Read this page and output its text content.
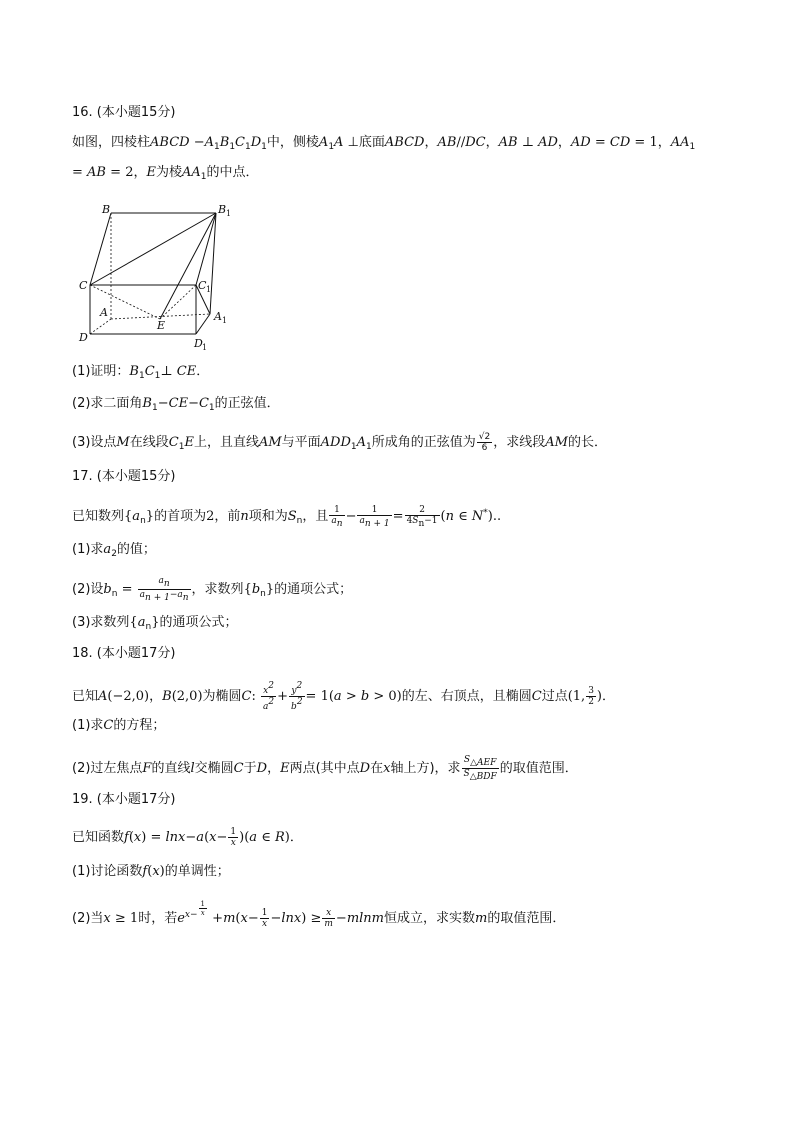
16. (本小题15分)
如图，四棱柱ABCD $-A_1B_1C_1D_1$中，侧棱$A_1A$ ⊥底面ABCD，AB//DC，AB ⊥ AD，AD = CD = 1，$AA_1$
= AB = 2，E为棱$AA_1$的中点．
B	B 1
C	C 1
A
E
A 1
D	D 1
(1)证明：$B_1C_1\perp$ CE．
(2)求二面角$B_1-CE-C_1$的正弦值．
(3)设点M在线段$C_1E$上，且直线AM与平面$ADD_1A_1$所成角的正弦值为 $\frac{√2}{6}$ ，求线段AM的长．
17. (本小题15分)
已知数列$\{a_n\}$的首项为2，前n项和为$S_n$，且 $\frac{1}{a_n} - \frac{1}{a_{n + 1}} = \frac{2}{4S_n-1} (n$ ∈ N*)..
(1)求$a_2$的值；
(2)设$b_n = \frac{a_n}{a_{n + 1}-a_n}$ ，求数列$\{b_n\}$的通项公式；
(3)求数列$\{a_n\}$的通项公式；
18. (本小题17分)
已知A(−2,0)，B(2,0)为椭圆C: $\frac{x^2}{a^2} + \frac{y^2}{b^2} = 1(a > b > 0)$的左、右顶点，且椭圆C过点(1, $\frac{3}{2}$ )．
(1)求C的方程；
(2)过左焦点F的直线l交椭圆C于D，E两点(其中点D在x轴上方)，求
$S_{\triangle AEF}$
$S_{\triangle BDF}$
的取值范围．
19. (本小题17分)
已知函数$f(x) = \ln x-a(x- \frac{1}{x} )(a$ ∈ R)．
(1)讨论函数f(x)的单调性；
(2)当x ≥ 1时，若$e^{x- \frac{1}{x}}$
$+m(x- \frac{1}{x} -\ln x) \ge \frac{x}{m} -mlnm$恒成立，求实数m的取值范围．
